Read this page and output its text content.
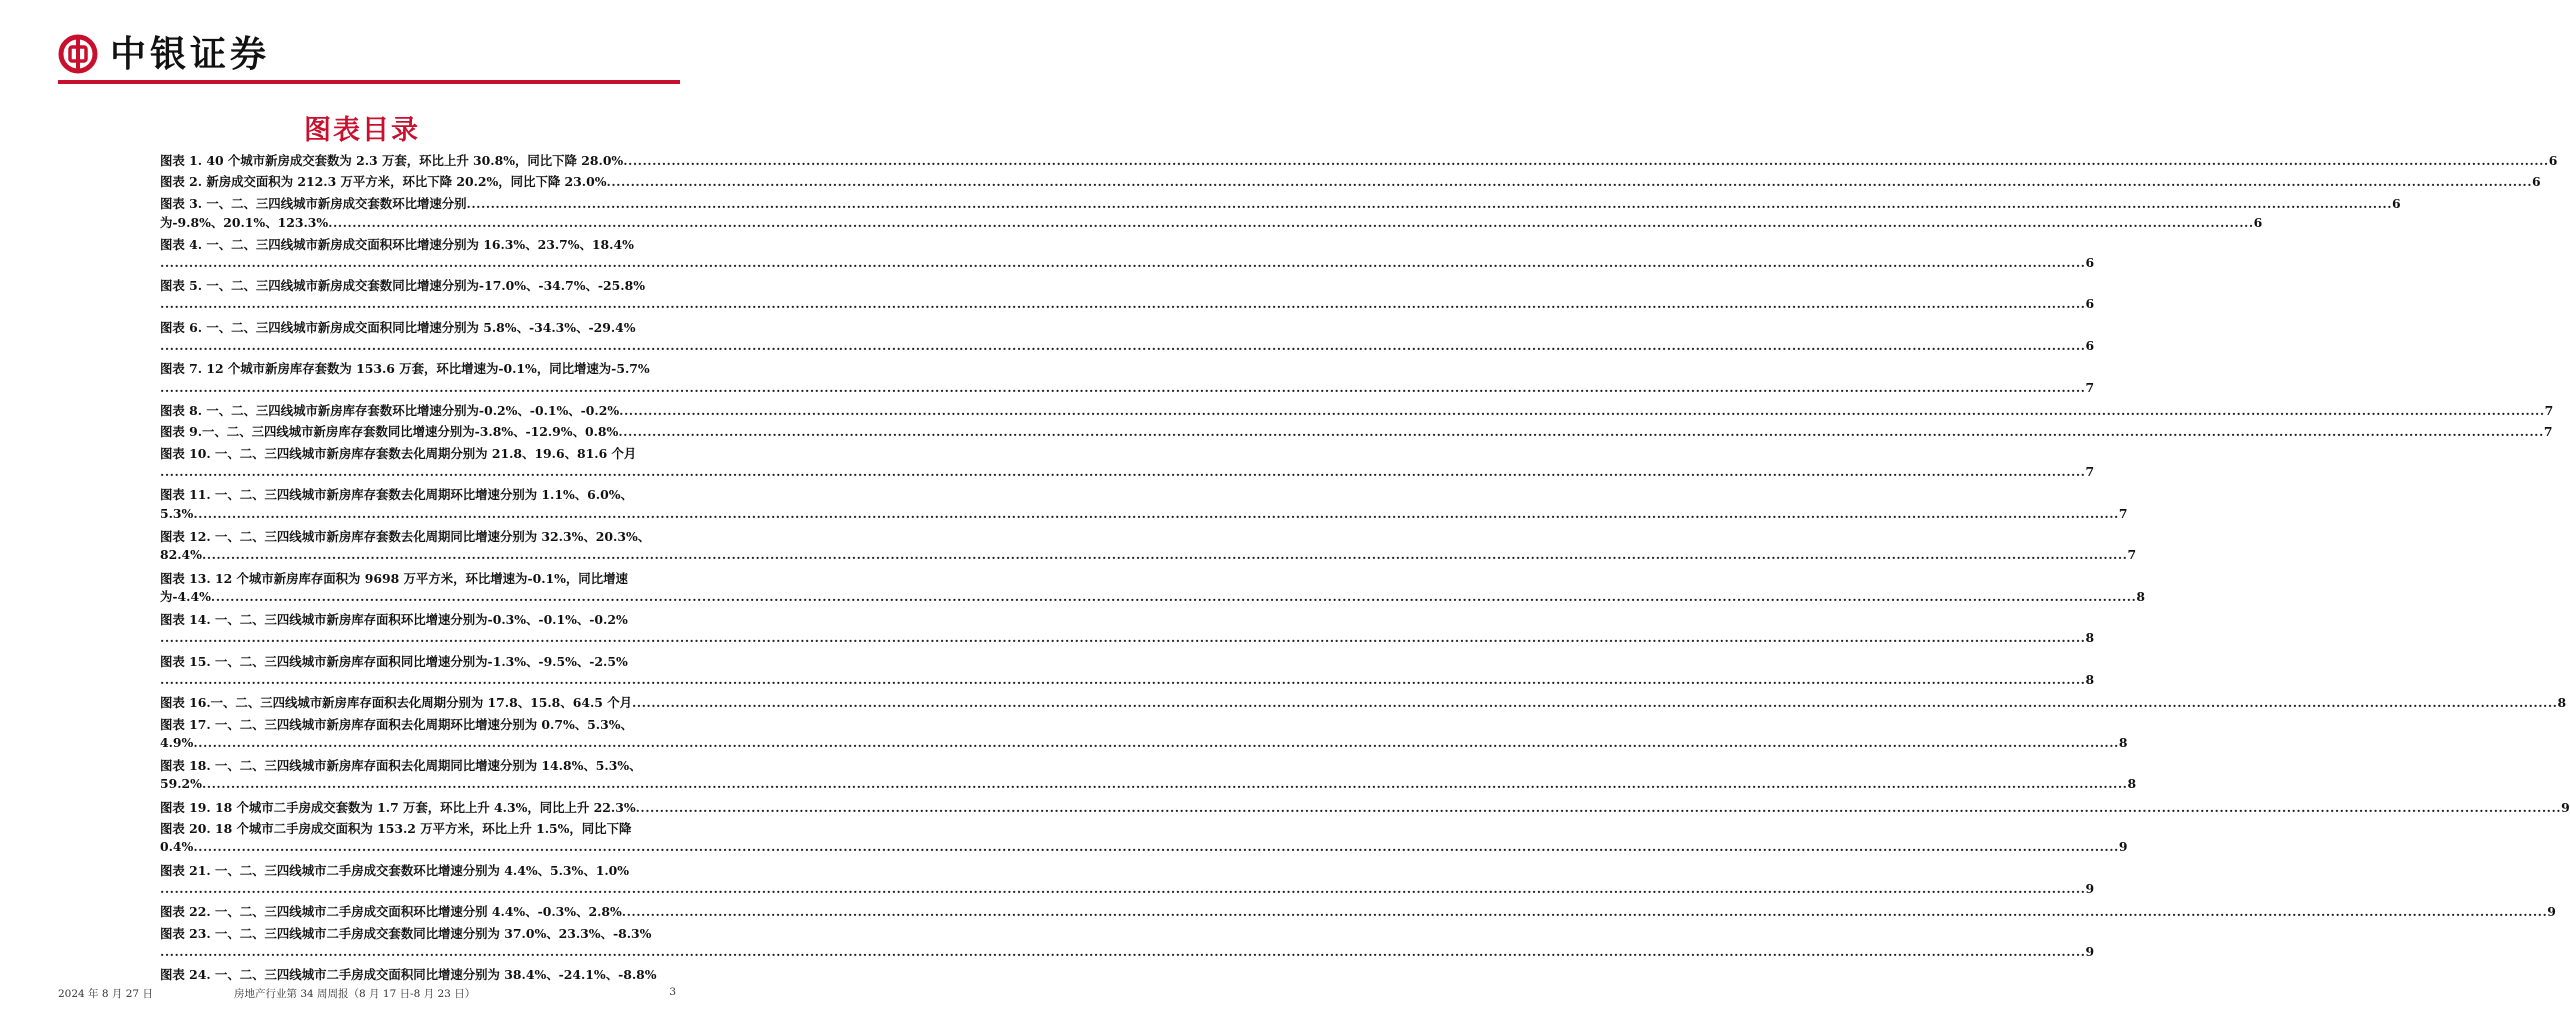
中银证券
图表目录
图表 1. 40 个城市新房成交套数为 2.3 万套，环比上升 30.8%，同比下降 28.0% ................................................................................................................................................................................................................................................................................................................................................................................................................ 6
图表 2. 新房成交面积为 212.3 万平方米，环比下降 20.2%，同比下降 23.0% ................................................................................................................................................................................................................................................................................................................................................................................................................ 6
图表 3. 一、二、三四线城市新房成交套数环比增速分别 ................................................................................................................................................................................................................................................................................................................................................................................................................ 6
为-9.8%、20.1%、123.3% ................................................................................................................................................................................................................................................................................................................................................................................................................ 6
图表 4. 一、二、三四线城市新房成交面积环比增速分别为 16.3%、23.7%、18.4%
................................................................................................................................................................................................................................................................................................................................................................................................................ 6
图表 5. 一、二、三四线城市新房成交套数同比增速分别为-17.0%、-34.7%、-25.8%
................................................................................................................................................................................................................................................................................................................................................................................................................ 6
图表 6. 一、二、三四线城市新房成交面积同比增速分别为 5.8%、-34.3%、-29.4%
................................................................................................................................................................................................................................................................................................................................................................................................................ 6
图表 7. 12 个城市新房库存套数为 153.6 万套，环比增速为-0.1%，同比增速为-5.7%
................................................................................................................................................................................................................................................................................................................................................................................................................ 7
图表 8. 一、二、三四线城市新房库存套数环比增速分别为-0.2%、-0.1%、-0.2% ................................................................................................................................................................................................................................................................................................................................................................................................................ 7
图表 9.一、二、三四线城市新房库存套数同比增速分别为-3.8%、-12.9%、0.8% ................................................................................................................................................................................................................................................................................................................................................................................................................ 7
图表 10. 一、二、三四线城市新房库存套数去化周期分别为 21.8、19.6、81.6 个月
................................................................................................................................................................................................................................................................................................................................................................................................................ 7
图表 11. 一、二、三四线城市新房库存套数去化周期环比增速分别为 1.1%、6.0%、
5.3% ................................................................................................................................................................................................................................................................................................................................................................................................................ 7
图表 12. 一、二、三四线城市新房库存套数去化周期同比增速分别为 32.3%、20.3%、
82.4% ................................................................................................................................................................................................................................................................................................................................................................................................................ 7
图表 13. 12 个城市新房库存面积为 9698 万平方米，环比增速为-0.1%，同比增速
为-4.4% ................................................................................................................................................................................................................................................................................................................................................................................................................ 8
图表 14. 一、二、三四线城市新房库存面积环比增速分别为-0.3%、-0.1%、-0.2%
................................................................................................................................................................................................................................................................................................................................................................................................................ 8
图表 15. 一、二、三四线城市新房库存面积同比增速分别为-1.3%、-9.5%、-2.5%
................................................................................................................................................................................................................................................................................................................................................................................................................ 8
图表 16.一、二、三四线城市新房库存面积去化周期分别为 17.8、15.8、64.5 个月 ................................................................................................................................................................................................................................................................................................................................................................................................................ 8
图表 17. 一、二、三四线城市新房库存面积去化周期环比增速分别为 0.7%、5.3%、
4.9% ................................................................................................................................................................................................................................................................................................................................................................................................................ 8
图表 18. 一、二、三四线城市新房库存面积去化周期同比增速分别为 14.8%、5.3%、
59.2% ................................................................................................................................................................................................................................................................................................................................................................................................................ 8
图表 19. 18 个城市二手房成交套数为 1.7 万套，环比上升 4.3%，同比上升 22.3% ................................................................................................................................................................................................................................................................................................................................................................................................................ 9
图表 20. 18 个城市二手房成交面积为 153.2 万平方米，环比上升 1.5%，同比下降
0.4% ................................................................................................................................................................................................................................................................................................................................................................................................................ 9
图表 21. 一、二、三四线城市二手房成交套数环比增速分别为 4.4%、5.3%、1.0%
................................................................................................................................................................................................................................................................................................................................................................................................................ 9
图表 22. 一、二、三四线城市二手房成交面积环比增速分别 4.4%、-0.3%、2.8% ................................................................................................................................................................................................................................................................................................................................................................................................................ 9
图表 23. 一、二、三四线城市二手房成交套数同比增速分别为 37.0%、23.3%、-8.3%
................................................................................................................................................................................................................................................................................................................................................................................................................ 9
图表 24. 一、二、三四线城市二手房成交面积同比增速分别为 38.4%、-24.1%、-8.8%
2024 年 8 月 27 日	房地产行业第 34 周周报（8 月 17 日-8 月 23 日）	3
